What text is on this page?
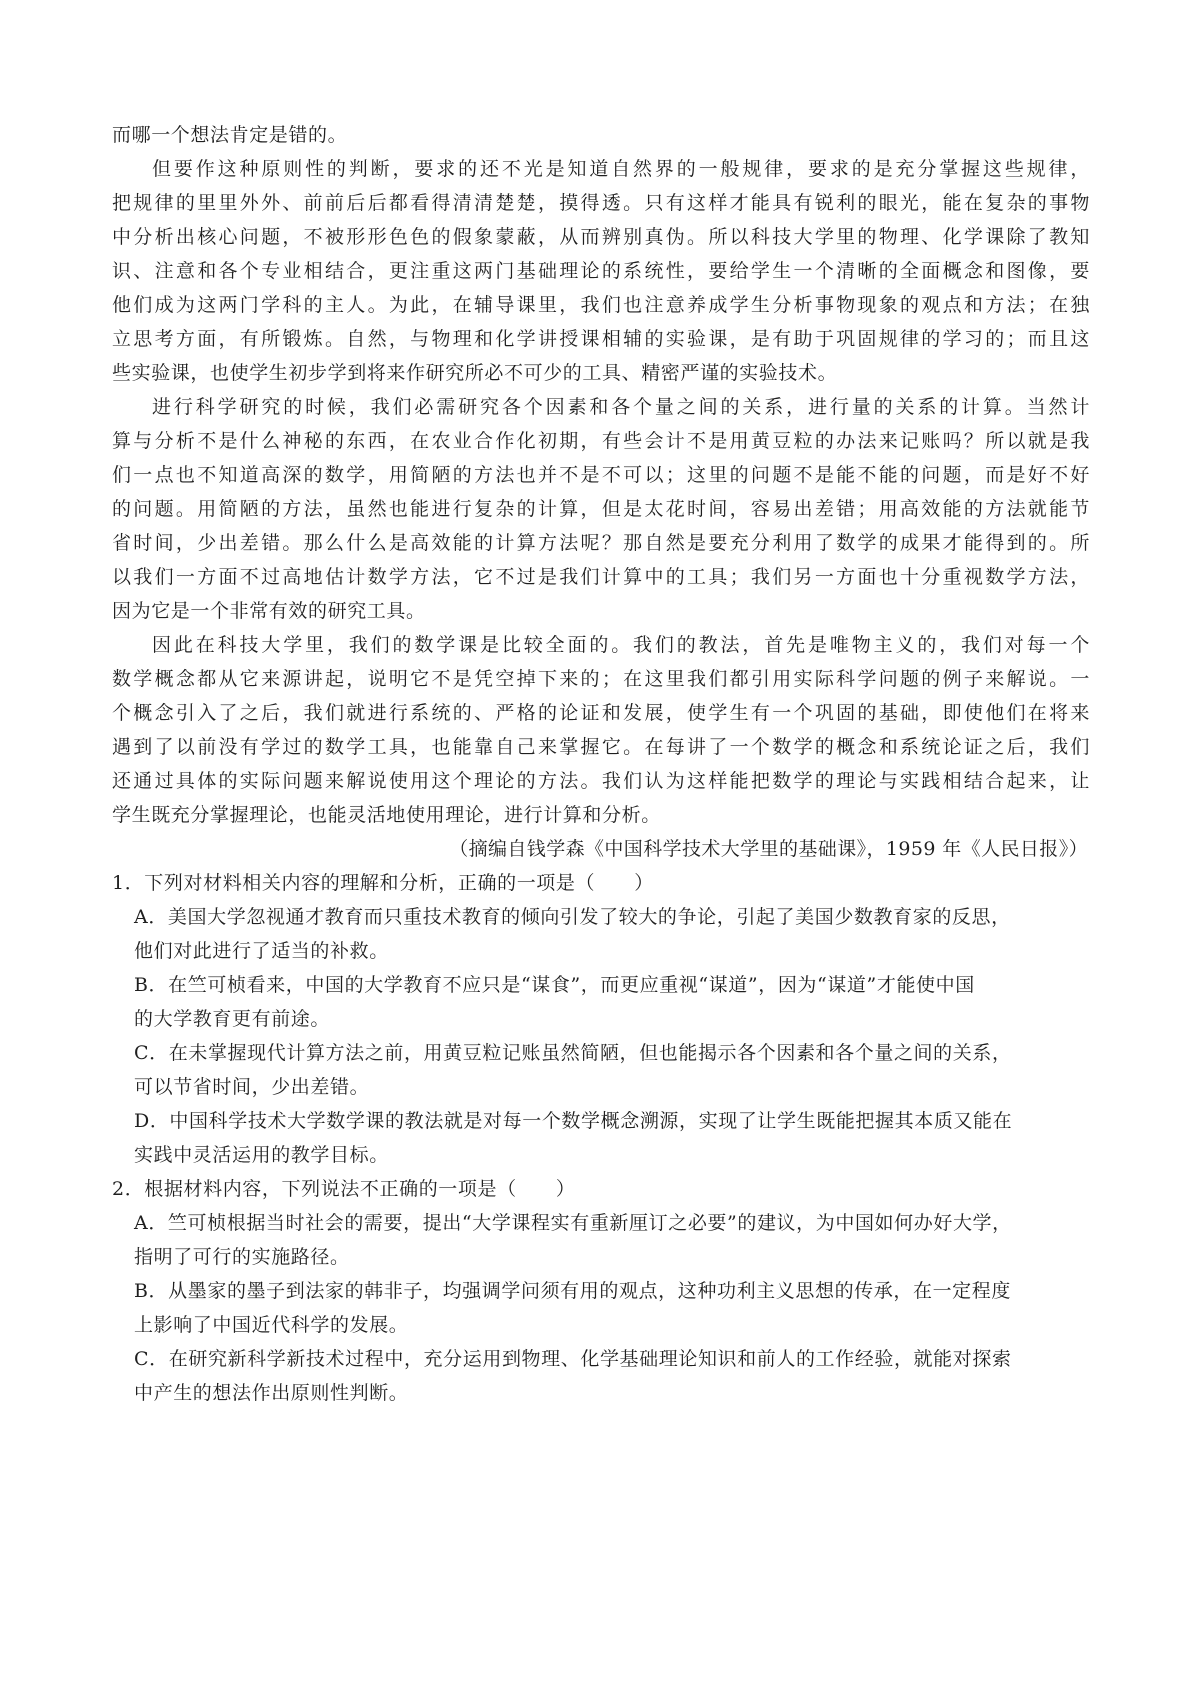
而哪一个想法肯定是错的。

但要作这种原则性的判断，要求的还不光是知道自然界的一般规律，要求的是充分掌握这些规律，

把规律的里里外外、前前后后都看得清清楚楚，摸得透。只有这样才能具有锐利的眼光，能在复杂的事物

中分析出核心问题，不被形形色色的假象蒙蔽，从而辨别真伪。所以科技大学里的物理、化学课除了教知

识、注意和各个专业相结合，更注重这两门基础理论的系统性，要给学生一个清晰的全面概念和图像，要

他们成为这两门学科的主人。为此，在辅导课里，我们也注意养成学生分析事物现象的观点和方法；在独

立思考方面，有所锻炼。自然，与物理和化学讲授课相辅的实验课，是有助于巩固规律的学习的；而且这

些实验课，也使学生初步学到将来作研究所必不可少的工具、精密严谨的实验技术。

进行科学研究的时候，我们必需研究各个因素和各个量之间的关系，进行量的关系的计算。当然计

算与分析不是什么神秘的东西，在农业合作化初期，有些会计不是用黄豆粒的办法来记账吗？所以就是我

们一点也不知道高深的数学，用简陋的方法也并不是不可以；这里的问题不是能不能的问题，而是好不好

的问题。用简陋的方法，虽然也能进行复杂的计算，但是太花时间，容易出差错；用高效能的方法就能节

省时间，少出差错。那么什么是高效能的计算方法呢？那自然是要充分利用了数学的成果才能得到的。所

以我们一方面不过高地估计数学方法，它不过是我们计算中的工具；我们另一方面也十分重视数学方法，

因为它是一个非常有效的研究工具。

因此在科技大学里，我们的数学课是比较全面的。我们的教法，首先是唯物主义的，我们对每一个

数学概念都从它来源讲起，说明它不是凭空掉下来的；在这里我们都引用实际科学问题的例子来解说。一

个概念引入了之后，我们就进行系统的、严格的论证和发展，使学生有一个巩固的基础，即使他们在将来

遇到了以前没有学过的数学工具，也能靠自己来掌握它。在每讲了一个数学的概念和系统论证之后，我们

还通过具体的实际问题来解说使用这个理论的方法。我们认为这样能把数学的理论与实践相结合起来，让

学生既充分掌握理论，也能灵活地使用理论，进行计算和分析。

（摘编自钱学森《中国科学技术大学里的基础课》，1959 年《人民日报》）

1．下列对材料相关内容的理解和分析，正确的一项是（　　）

A．美国大学忽视通才教育而只重技术教育的倾向引发了较大的争论，引起了美国少数教育家的反思，

他们对此进行了适当的补救。

B．在竺可桢看来，中国的大学教育不应只是“谋食”，而更应重视“谋道”，因为“谋道”才能使中国

的大学教育更有前途。

C．在未掌握现代计算方法之前，用黄豆粒记账虽然简陋，但也能揭示各个因素和各个量之间的关系，

可以节省时间，少出差错。

D．中国科学技术大学数学课的教法就是对每一个数学概念溯源，实现了让学生既能把握其本质又能在

实践中灵活运用的教学目标。

2．根据材料内容，下列说法不正确的一项是（　　）

A．竺可桢根据当时社会的需要，提出“大学课程实有重新厘订之必要”的建议，为中国如何办好大学，

指明了可行的实施路径。

B．从墨家的墨子到法家的韩非子，均强调学问须有用的观点，这种功利主义思想的传承，在一定程度

上影响了中国近代科学的发展。

C．在研究新科学新技术过程中，充分运用到物理、化学基础理论知识和前人的工作经验，就能对探索

中产生的想法作出原则性判断。
